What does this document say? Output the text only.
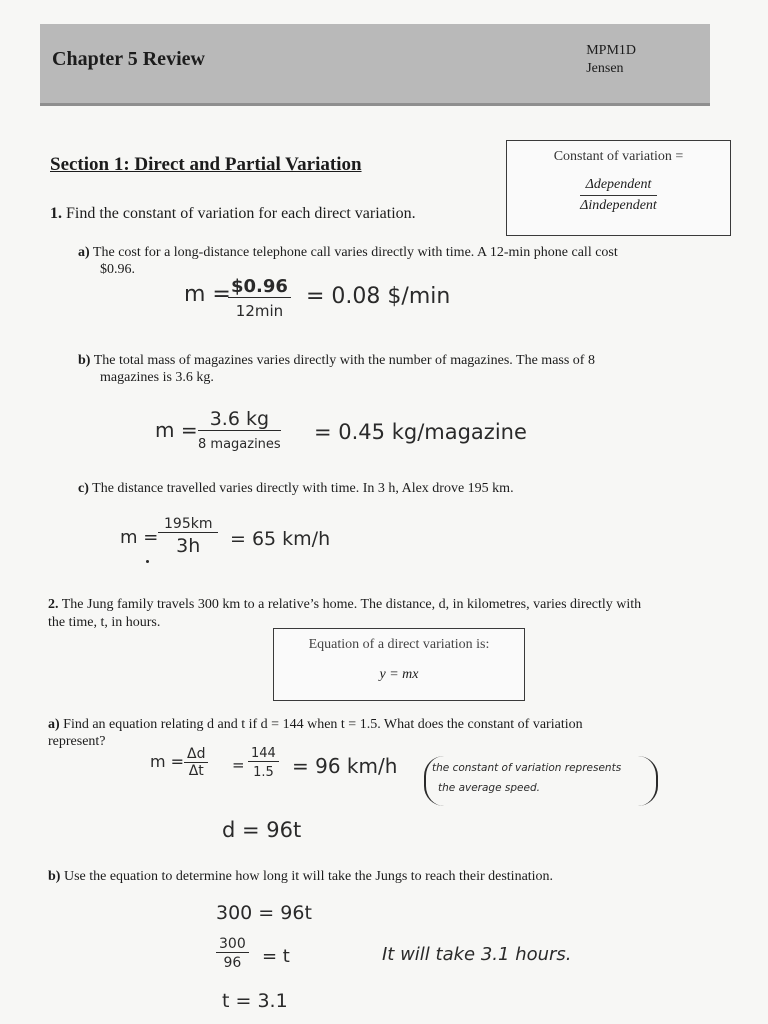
Chapter 5 Review	MPM1D
Jensen
Section 1: Direct and Partial Variation	Constant of variation =
$\frac{\text{Δdependent}}{\text{Δindependent}}$
1. Find the constant of variation for each direct variation.
a) The cost for a long-distance telephone call varies directly with time. A 12-min phone call cost
$0.96.
m = $0.96
12min
= 0.08 $/min
b) The total mass of magazines varies directly with the number of magazines. The mass of 8
magazines is 3.6 kg.
m = 3.6 kg
8 magazines
= 0.45 kg/magazine
c) The distance travelled varies directly with time. In 3 h, Alex drove 195 km.
m =
195km
3h	= 65 km/h
2. The Jung family travels 300 km to a relative’s home. The distance, d, in kilometres, varies directly with
the time, t, in hours.
Equation of a direct variation is:
y = mx
a) Find an equation relating d and t if d = 144 when t = 1.5. What does the constant of variation
represent?
$m = \frac{\Delta d}{\Delta t} = \frac{144}{1.5} = 96$ km/h	the constant of variation represents
the average speed.
d = 96t
b) Use the equation to determine how long it will take the Jungs to reach their destination.
300 = 96t
$\frac{300}{96} = t$
t = 3.1
It will take 3.1 hours.
